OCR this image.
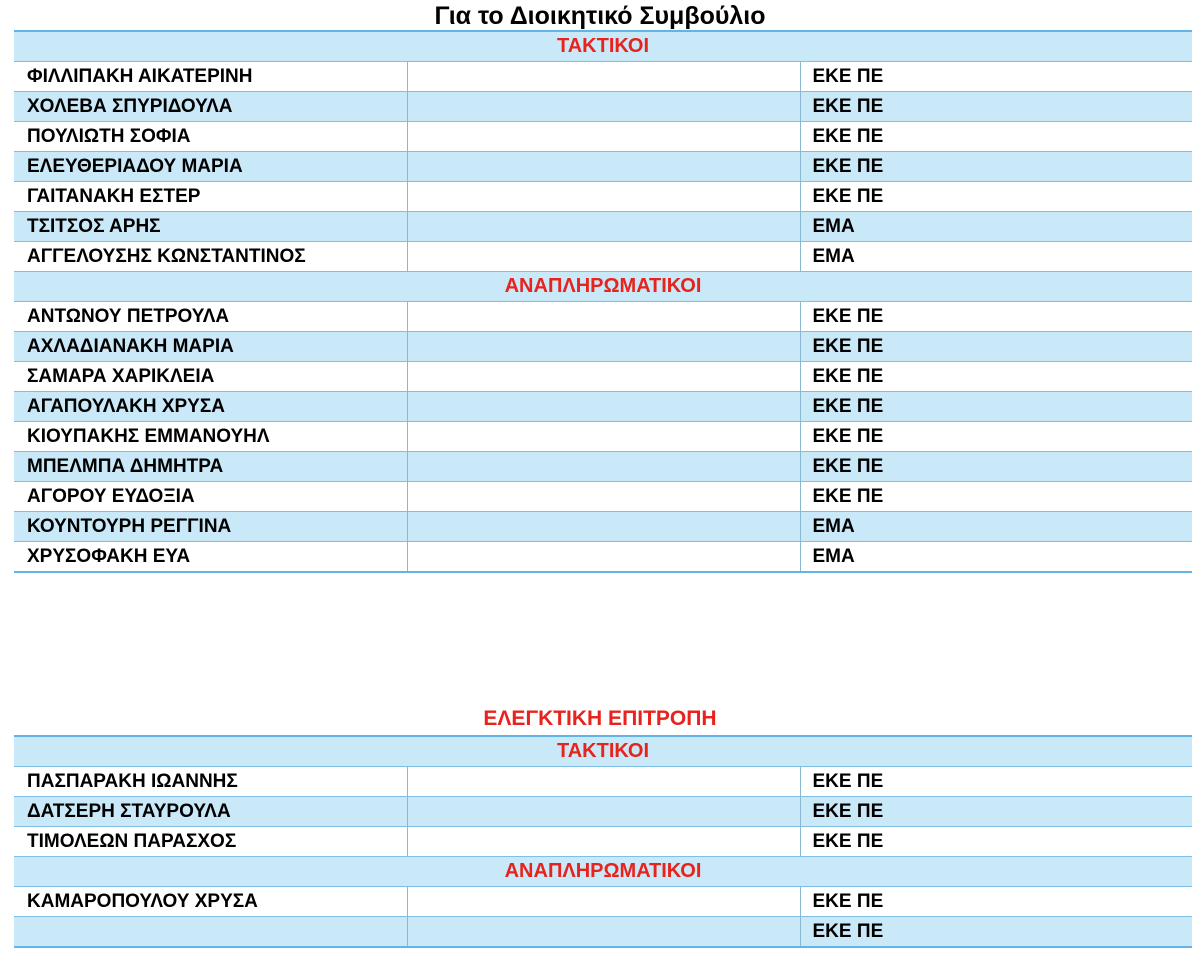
Για το Διοικητικό Συμβούλιο
ΤΑΚΤΙΚΟΙ		
ΦΙΛΛΙΠΑΚΗ ΑΙΚΑΤΕΡΙΝΗ		ΕΚΕ ΠΕ
ΧΟΛΕΒΑ ΣΠΥΡΙΔΟΥΛΑ		ΕΚΕ ΠΕ
ΠΟΥΛΙΩΤΗ ΣΟΦΙΑ		ΕΚΕ ΠΕ
ΕΛΕΥΘΕΡΙΑΔΟΥ ΜΑΡΙΑ		ΕΚΕ ΠΕ
ΓΑΙΤΑΝΑΚΗ ΕΣΤΕΡ		ΕΚΕ ΠΕ
ΤΣΙΤΣΟΣ ΑΡΗΣ		ΕΜΑ
ΑΓΓΕΛΟΥΣΗΣ ΚΩΝΣΤΑΝΤΙΝΟΣ		ΕΜΑ
ΑΝΑΠΛΗΡΩΜΑΤΙΚΟΙ		
ΑΝΤΩΝΟΥ ΠΕΤΡΟΥΛΑ		ΕΚΕ ΠΕ
ΑΧΛΑΔΙΑΝΑΚΗ ΜΑΡΙΑ		ΕΚΕ ΠΕ
ΣΑΜΑΡΑ ΧΑΡΙΚΛΕΙΑ		ΕΚΕ ΠΕ
ΑΓΑΠΟΥΛΑΚΗ ΧΡΥΣΑ		ΕΚΕ ΠΕ
ΚΙΟΥΠΑΚΗΣ ΕΜΜΑΝΟΥΗΛ		ΕΚΕ ΠΕ
ΜΠΕΛΜΠΑ ΔΗΜΗΤΡΑ		ΕΚΕ ΠΕ
ΑΓΟΡΟΥ ΕΥΔΟΞΙΑ		ΕΚΕ ΠΕ
ΚΟΥΝΤΟΥΡΗ ΡΕΓΓΙΝΑ		ΕΜΑ
ΧΡΥΣΟΦΑΚΗ ΕΥΑ		ΕΜΑ
ΕΛΕΓΚΤΙΚΗ ΕΠΙΤΡΟΠΗ
ΤΑΚΤΙΚΟΙ		
ΠΑΣΠΑΡΑΚΗ ΙΩΑΝΝΗΣ		ΕΚΕ ΠΕ
ΔΑΤΣΕΡΗ ΣΤΑΥΡΟΥΛΑ		ΕΚΕ ΠΕ
ΤΙΜΟΛΕΩΝ ΠΑΡΑΣΧΟΣ		ΕΚΕ ΠΕ
ΑΝΑΠΛΗΡΩΜΑΤΙΚΟΙ		
ΚΑΜΑΡΟΠΟΥΛΟΥ ΧΡΥΣΑ		ΕΚΕ ΠΕ
		ΕΚΕ ΠΕ
